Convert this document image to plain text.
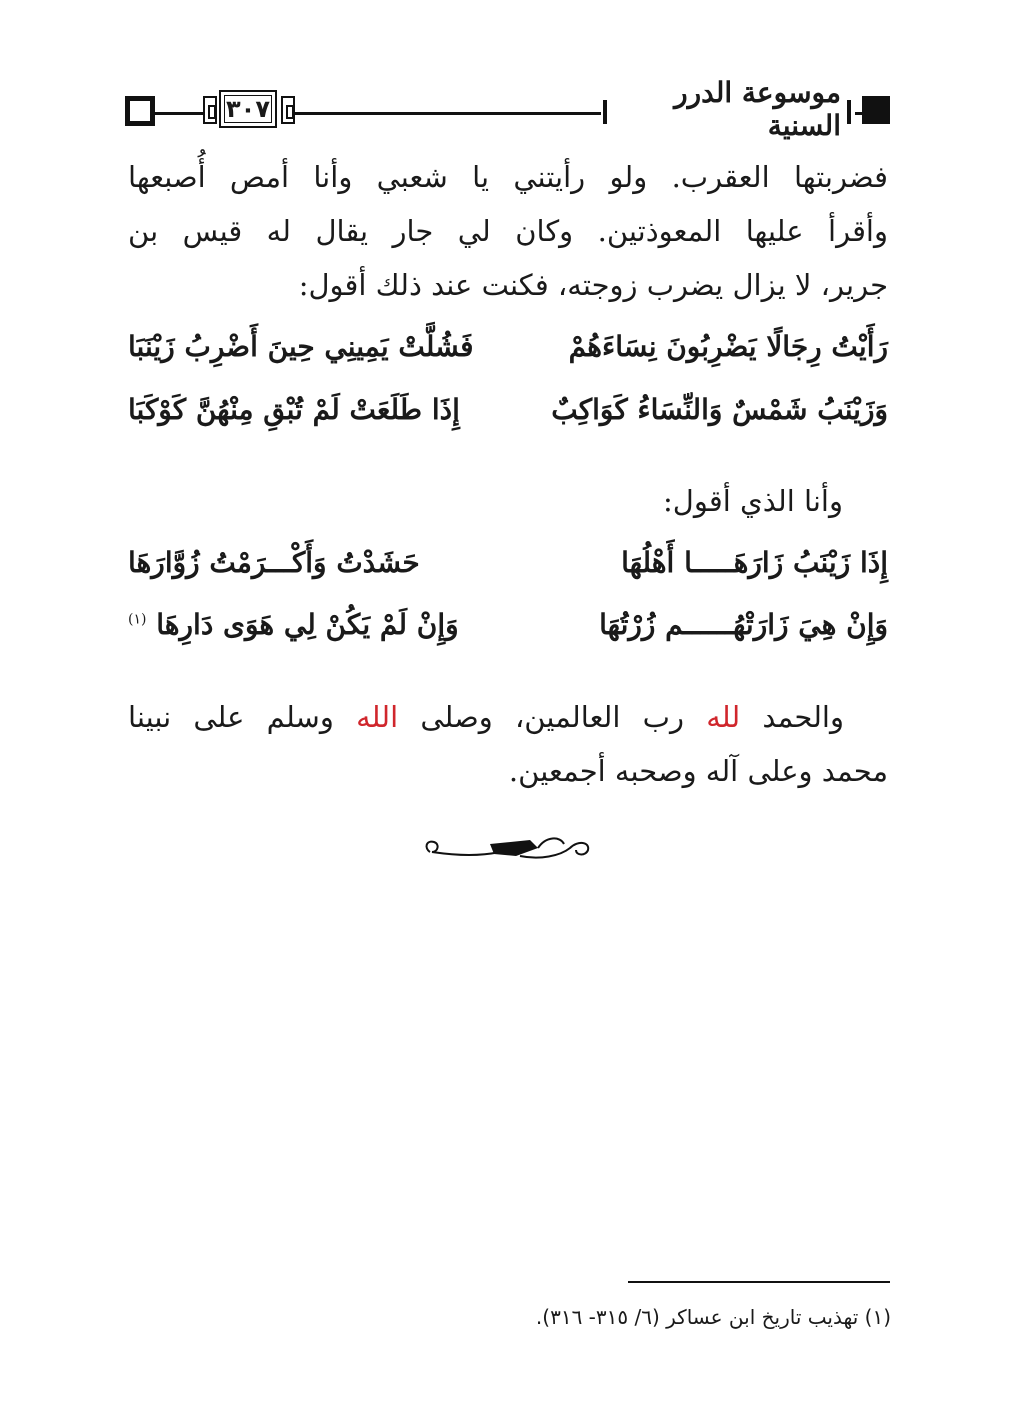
٣٠٧	موسوعة الدرر السنية
فضربتها العقرب. ولو رأيتني يا شعبي وأنا أمص أُصبعها
وأقرأ عليها المعوذتين. وكان لي جار يقال له قيس بن
جرير، لا يزال يضرب زوجته، فكنت عند ذلك أقول:
رَأَيْتُ رِجَالًا يَضْرِبُونَ نِسَاءَهُمْ
فَشُلَّتْ يَمِينِي حِينَ أَضْرِبُ زَيْنَبَا
وَزَيْنَبُ شَمْسٌ وَالنِّسَاءُ كَوَاكِبٌ
إِذَا طَلَعَتْ لَمْ تُبْقِ مِنْهُنَّ كَوْكَبَا
وأنا الذي أقول:
إِذَا زَيْنَبُ زَارَهَـــــا أَهْلُهَا
حَشَدْتُ وَأَكْـــرَمْتُ زُوَّارَهَا
وَإِنْ هِيَ زَارَتْهُــــــم زُرْتُهَا
وَإِنْ لَمْ يَكُنْ لِي هَوَى دَارِهَا $^{(١)}$
والحمد لله رب العالمين، وصلى الله وسلم على نبينا
محمد وعلى آله وصحبه أجمعين.
(١) تهذيب تاريخ ابن عساكر (٦/ ٣١٥- ٣١٦).
